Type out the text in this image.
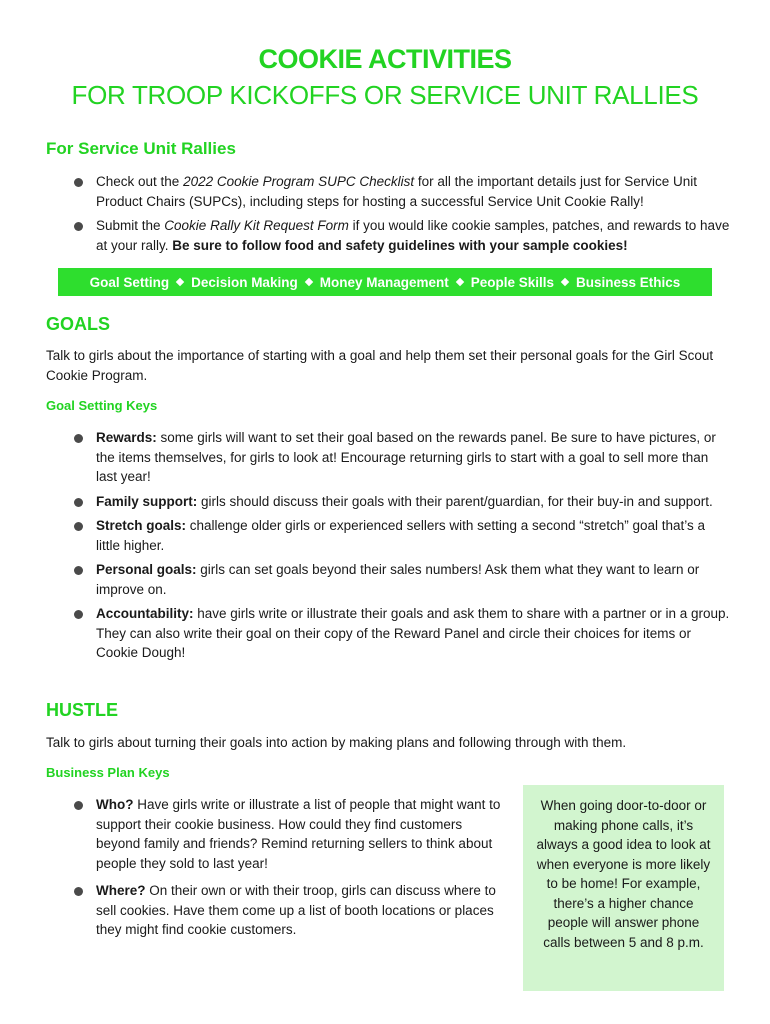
COOKIE ACTIVITIES
FOR TROOP KICKOFFS OR SERVICE UNIT RALLIES
For Service Unit Rallies
Check out the 2022 Cookie Program SUPC Checklist for all the important details just for Service Unit Product Chairs (SUPCs), including steps for hosting a successful Service Unit Cookie Rally!
Submit the Cookie Rally Kit Request Form if you would like cookie samples, patches, and rewards to have at your rally. Be sure to follow food and safety guidelines with your sample cookies!
Goal Setting Decision Making Money Management People Skills Business Ethics
GOALS
Talk to girls about the importance of starting with a goal and help them set their personal goals for the Girl Scout Cookie Program.
Goal Setting Keys
Rewards: some girls will want to set their goal based on the rewards panel. Be sure to have pictures, or the items themselves, for girls to look at! Encourage returning girls to start with a goal to sell more than last year!
Family support: girls should discuss their goals with their parent/guardian, for their buy-in and support.
Stretch goals: challenge older girls or experienced sellers with setting a second “stretch” goal that’s a little higher.
Personal goals: girls can set goals beyond their sales numbers! Ask them what they want to learn or improve on.
Accountability: have girls write or illustrate their goals and ask them to share with a partner or in a group. They can also write their goal on their copy of the Reward Panel and circle their choices for items or Cookie Dough!
HUSTLE
Talk to girls about turning their goals into action by making plans and following through with them.
Business Plan Keys
Who? Have girls write or illustrate a list of people that might want to support their cookie business. How could they find customers beyond family and friends? Remind returning sellers to think about people they sold to last year!
Where? On their own or with their troop, girls can discuss where to sell cookies. Have them come up a list of booth locations or places they might find cookie customers.
When going door-to-door or making phone calls, it’s always a good idea to look at when everyone is more likely to be home! For example, there’s a higher chance people will answer phone calls between 5 and 8 p.m.
